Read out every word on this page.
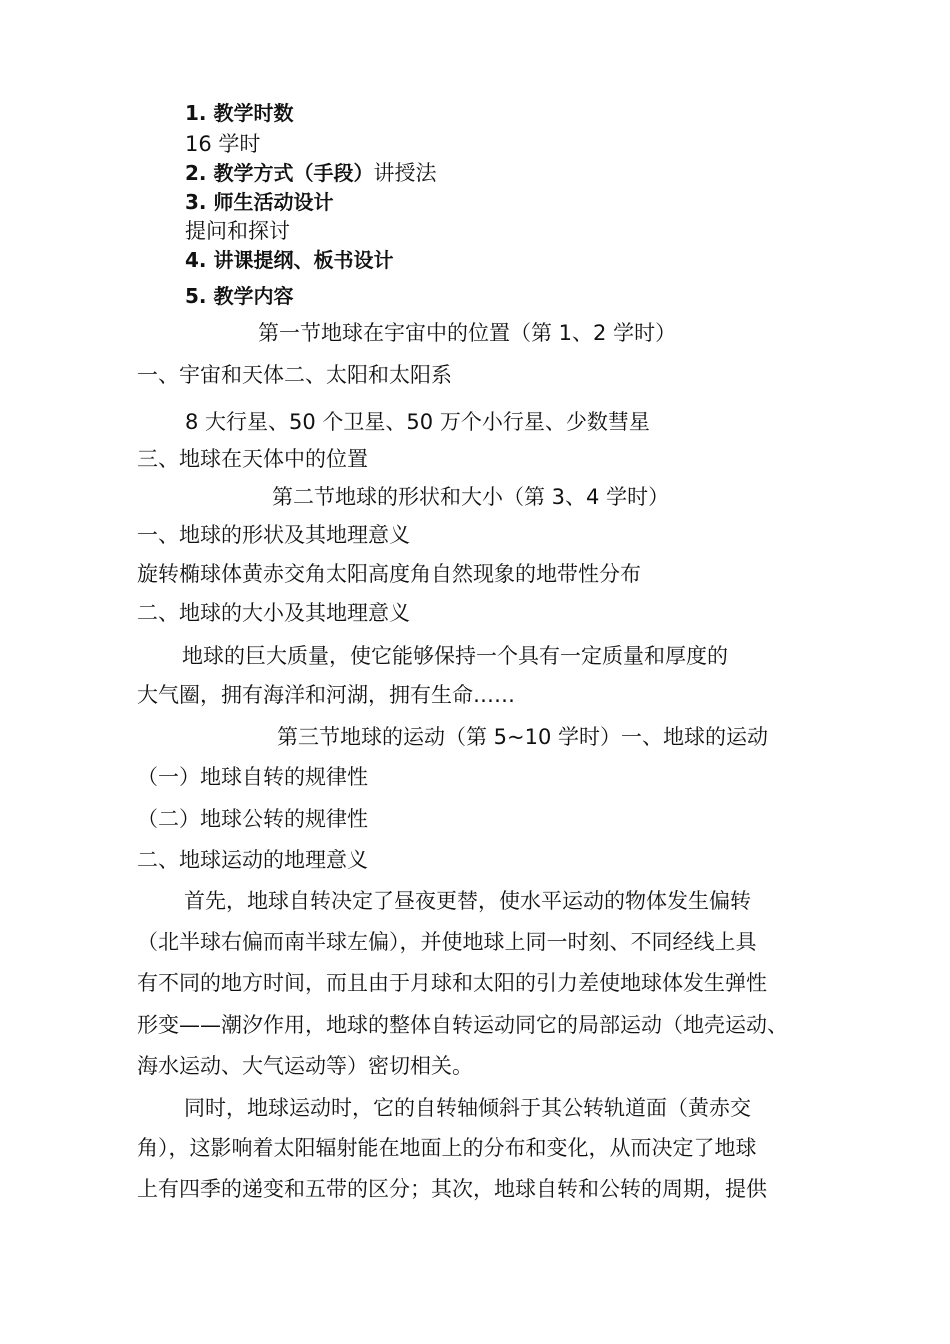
1. 教学时数
16 学时
2. 教学方式（手段）讲授法
3. 师生活动设计
提问和探讨
4. 讲课提纲、板书设计
5. 教学内容
第一节地球在宇宙中的位置（第 1、2 学时）
一、宇宙和天体二、太阳和太阳系
8 大行星、50 个卫星、50 万个小行星、少数彗星
三、地球在天体中的位置
第二节地球的形状和大小（第 3、4 学时）
一、地球的形状及其地理意义
旋转椭球体黄赤交角太阳高度角自然现象的地带性分布
二、地球的大小及其地理意义
地球的巨大质量，使它能够保持一个具有一定质量和厚度的
大气圈，拥有海洋和河湖，拥有生命……
第三节地球的运动（第 5~10 学时）一、地球的运动
（一）地球自转的规律性
（二）地球公转的规律性
二、地球运动的地理意义
首先，地球自转决定了昼夜更替，使水平运动的物体发生偏转
（北半球右偏而南半球左偏），并使地球上同一时刻、不同经线上具
有不同的地方时间，而且由于月球和太阳的引力差使地球体发生弹性
形变——潮汐作用，地球的整体自转运动同它的局部运动（地壳运动、
海水运动、大气运动等）密切相关。
同时，地球运动时，它的自转轴倾斜于其公转轨道面（黄赤交
角），这影响着太阳辐射能在地面上的分布和变化，从而决定了地球
上有四季的递变和五带的区分；其次，地球自转和公转的周期，提供
